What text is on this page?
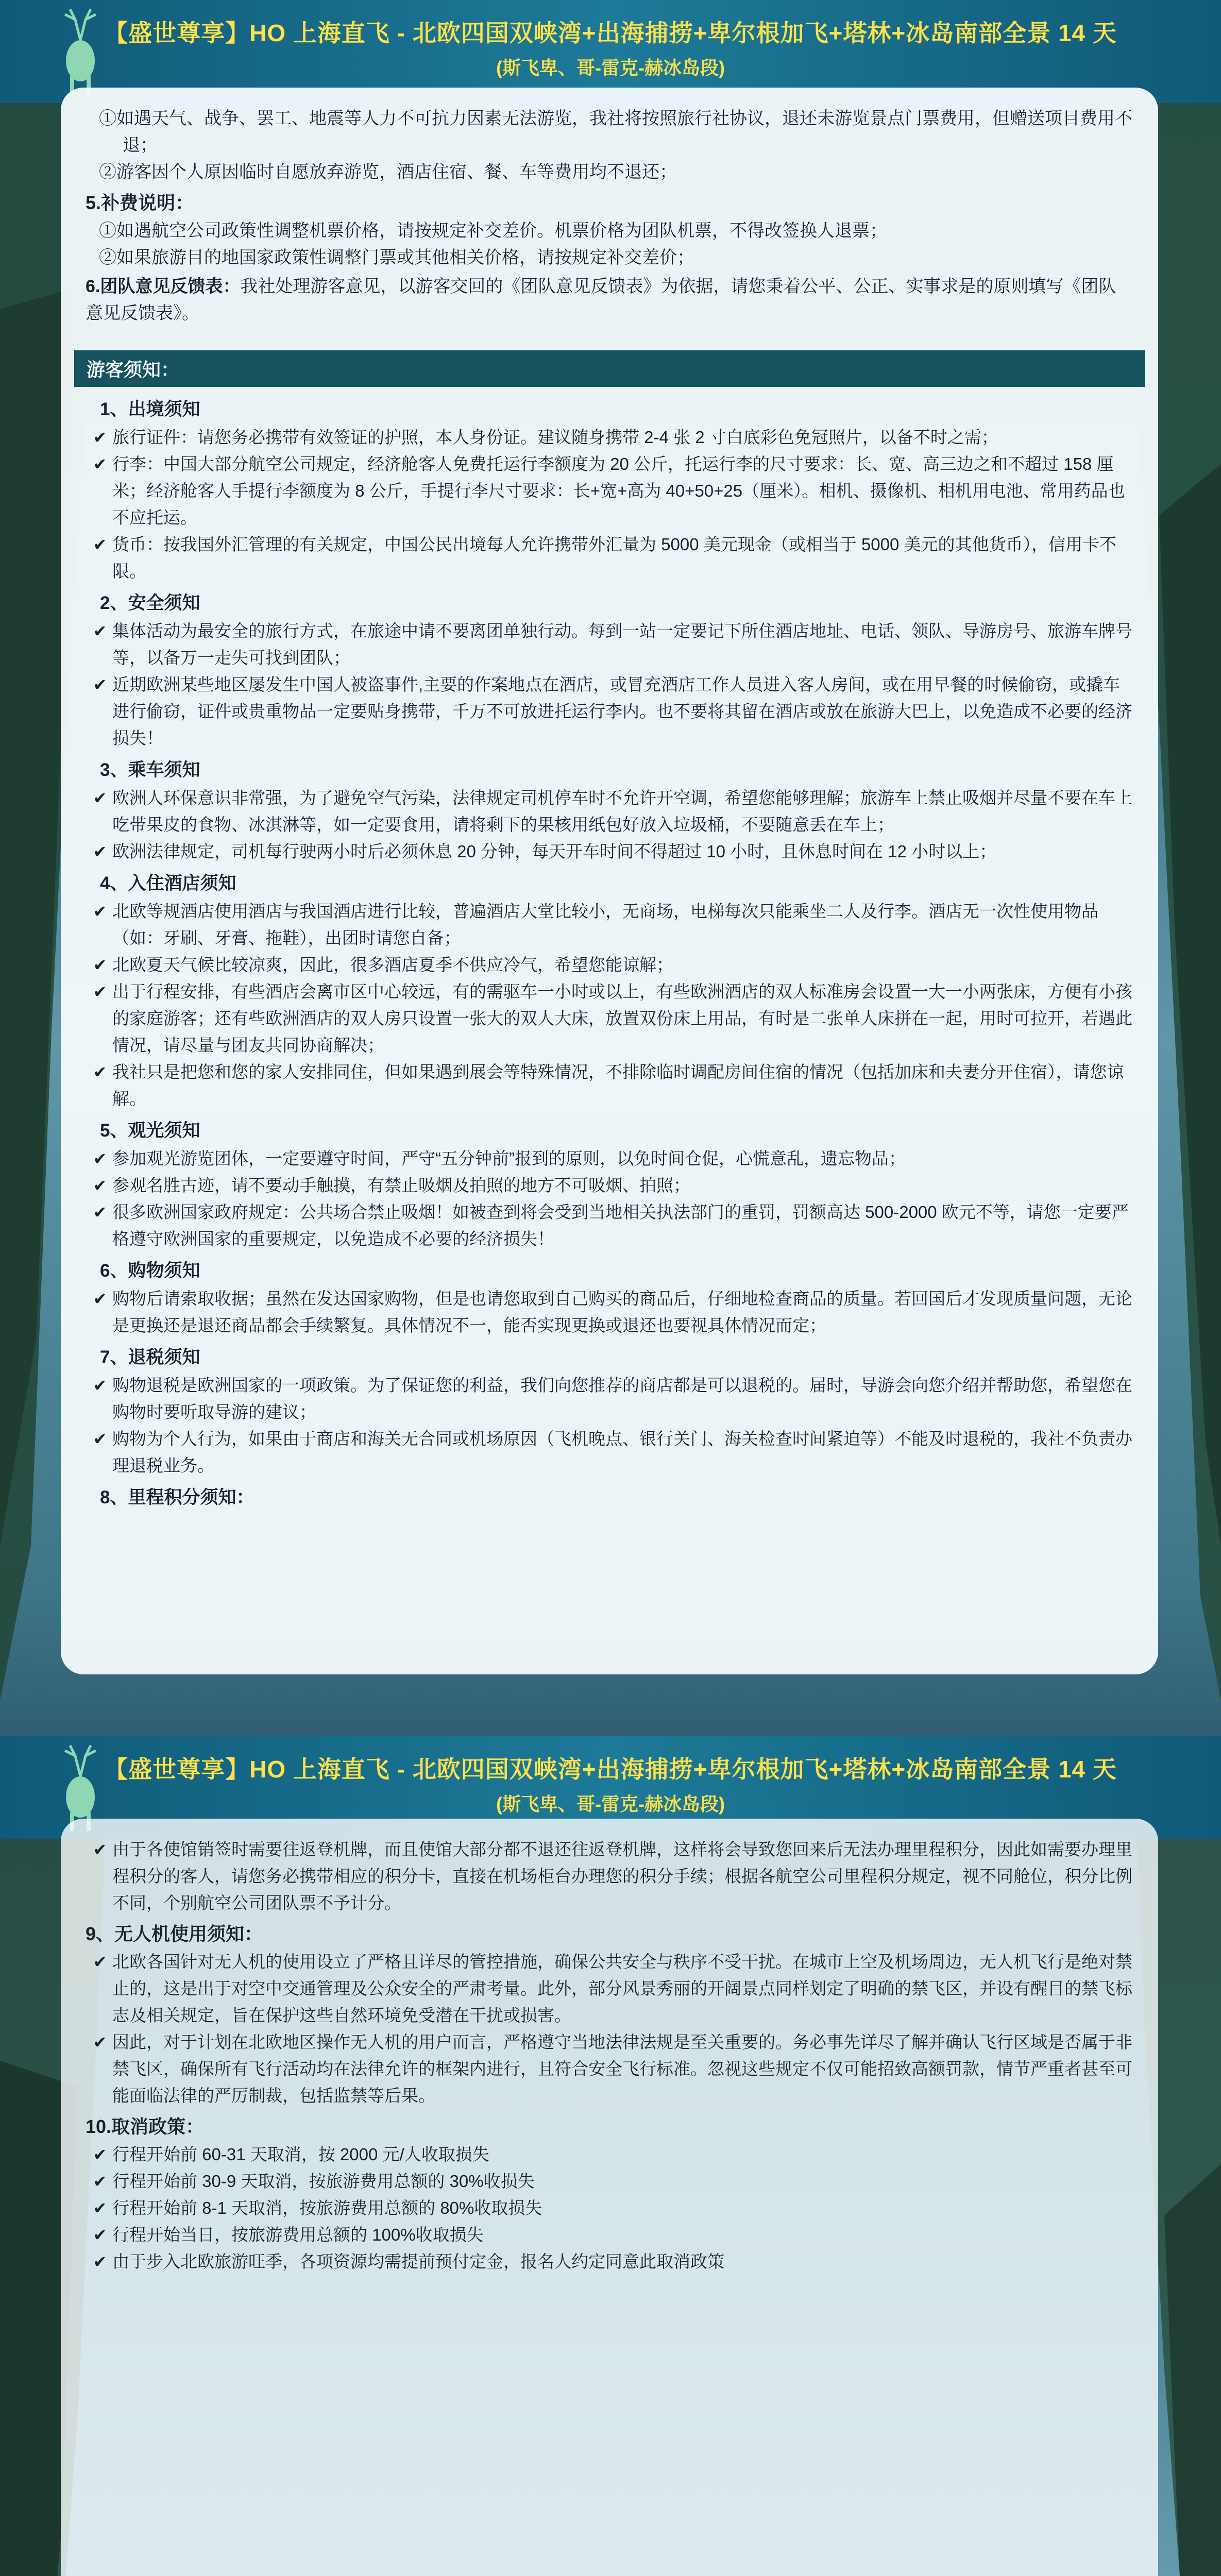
【盛世尊享】HO 上海直飞 - 北欧四国双峡湾+出海捕捞+卑尔根加飞+塔林+冰岛南部全景 14 天
(斯飞卑、哥-雷克-赫冰岛段)

①如遇天气、战争、罢工、地震等人力不可抗力因素无法游览，我社将按照旅行社协议，退还未游览景点门票费用，但赠送项目费用不退；

②游客因个人原因临时自愿放弃游览，酒店住宿、餐、车等费用均不退还；

5.补费说明：

①如遇航空公司政策性调整机票价格，请按规定补交差价。机票价格为团队机票，不得改签换人退票；

②如果旅游目的地国家政策性调整门票或其他相关价格，请按规定补交差价；

6.团队意见反馈表：我社处理游客意见，以游客交回的《团队意见反馈表》为依据，请您秉着公平、公正、实事求是的原则填写《团队意见反馈表》。

游客须知：

1、出境须知

✔ 旅行证件：请您务必携带有效签证的护照，本人身份证。建议随身携带 2-4 张 2 寸白底彩色免冠照片，以备不时之需；
✔ 行李：中国大部分航空公司规定，经济舱客人免费托运行李额度为 20 公斤，托运行李的尺寸要求：长、宽、高三边之和不超过 158 厘米；经济舱客人手提行李额度为 8 公斤，手提行李尺寸要求：长+宽+高为 40+50+25（厘米）。相机、摄像机、相机用电池、常用药品也不应托运。
✔ 货币：按我国外汇管理的有关规定，中国公民出境每人允许携带外汇量为 5000 美元现金（或相当于 5000 美元的其他货币），信用卡不限。

2、安全须知

✔ 集体活动为最安全的旅行方式，在旅途中请不要离团单独行动。每到一站一定要记下所住酒店地址、电话、领队、导游房号、旅游车牌号等，以备万一走失可找到团队；
✔ 近期欧洲某些地区屡发生中国人被盗事件,主要的作案地点在酒店，或冒充酒店工作人员进入客人房间，或在用早餐的时候偷窃，或撬车进行偷窃，证件或贵重物品一定要贴身携带，千万不可放进托运行李内。也不要将其留在酒店或放在旅游大巴上，以免造成不必要的经济损失！

3、乘车须知

✔ 欧洲人环保意识非常强，为了避免空气污染，法律规定司机停车时不允许开空调，希望您能够理解；旅游车上禁止吸烟并尽量不要在车上吃带果皮的食物、冰淇淋等，如一定要食用，请将剩下的果核用纸包好放入垃圾桶，不要随意丢在车上；
✔ 欧洲法律规定，司机每行驶两小时后必须休息 20 分钟，每天开车时间不得超过 10 小时，且休息时间在 12 小时以上；

4、入住酒店须知

✔ 北欧等规酒店使用酒店与我国酒店进行比较，普遍酒店大堂比较小，无商场，电梯每次只能乘坐二人及行李。酒店无一次性使用物品（如：牙刷、牙膏、拖鞋），出团时请您自备；
✔ 北欧夏天气候比较凉爽，因此，很多酒店夏季不供应冷气，希望您能谅解；
✔ 出于行程安排，有些酒店会离市区中心较远，有的需驱车一小时或以上，有些欧洲酒店的双人标准房会设置一大一小两张床，方便有小孩的家庭游客；还有些欧洲酒店的双人房只设置一张大的双人大床，放置双份床上用品，有时是二张单人床拼在一起，用时可拉开，若遇此情况，请尽量与团友共同协商解决；
✔ 我社只是把您和您的家人安排同住，但如果遇到展会等特殊情况，不排除临时调配房间住宿的情况（包括加床和夫妻分开住宿），请您谅解。

5、观光须知

✔ 参加观光游览团体，一定要遵守时间，严守“五分钟前”报到的原则，以免时间仓促，心慌意乱，遗忘物品；
✔ 参观名胜古迹，请不要动手触摸，有禁止吸烟及拍照的地方不可吸烟、拍照；
✔ 很多欧洲国家政府规定：公共场合禁止吸烟！如被查到将会受到当地相关执法部门的重罚，罚额高达 500-2000 欧元不等，请您一定要严格遵守欧洲国家的重要规定，以免造成不必要的经济损失！

6、购物须知

✔ 购物后请索取收据；虽然在发达国家购物，但是也请您取到自己购买的商品后，仔细地检查商品的质量。若回国后才发现质量问题，无论是更换还是退还商品都会手续繁复。具体情况不一，能否实现更换或退还也要视具体情况而定；

7、退税须知

✔ 购物退税是欧洲国家的一项政策。为了保证您的利益，我们向您推荐的商店都是可以退税的。届时，导游会向您介绍并帮助您，希望您在购物时要听取导游的建议；
✔ 购物为个人行为，如果由于商店和海关无合同或机场原因（飞机晚点、银行关门、海关检查时间紧迫等）不能及时退税的，我社不负责办理退税业务。

8、里程积分须知：

【盛世尊享】HO 上海直飞 - 北欧四国双峡湾+出海捕捞+卑尔根加飞+塔林+冰岛南部全景 14 天
(斯飞卑、哥-雷克-赫冰岛段)
✔ 由于各使馆销签时需要往返登机牌，而且使馆大部分都不退还往返登机牌，这样将会导致您回来后无法办理里程积分，因此如需要办理里程积分的客人，请您务必携带相应的积分卡，直接在机场柜台办理您的积分手续；根据各航空公司里程积分规定，视不同舱位，积分比例不同，个别航空公司团队票不予计分。

9、无人机使用须知：

✔ 北欧各国针对无人机的使用设立了严格且详尽的管控措施，确保公共安全与秩序不受干扰。在城市上空及机场周边，无人机飞行是绝对禁止的，这是出于对空中交通管理及公众安全的严肃考量。此外，部分风景秀丽的开阔景点同样划定了明确的禁飞区，并设有醒目的禁飞标志及相关规定，旨在保护这些自然环境免受潜在干扰或损害。
✔ 因此，对于计划在北欧地区操作无人机的用户而言，严格遵守当地法律法规是至关重要的。务必事先详尽了解并确认飞行区域是否属于非禁飞区，确保所有飞行活动均在法律允许的框架内进行，且符合安全飞行标准。忽视这些规定不仅可能招致高额罚款，情节严重者甚至可能面临法律的严厉制裁，包括监禁等后果。

10.取消政策：

✔ 行程开始前 60-31 天取消，按 2000 元/人收取损失
✔ 行程开始前 30-9 天取消，按旅游费用总额的 30%收损失
✔ 行程开始前 8-1 天取消，按旅游费用总额的 80%收取损失
✔ 行程开始当日，按旅游费用总额的 100%收取损失
✔ 由于步入北欧旅游旺季，各项资源均需提前预付定金，报名人约定同意此取消政策
